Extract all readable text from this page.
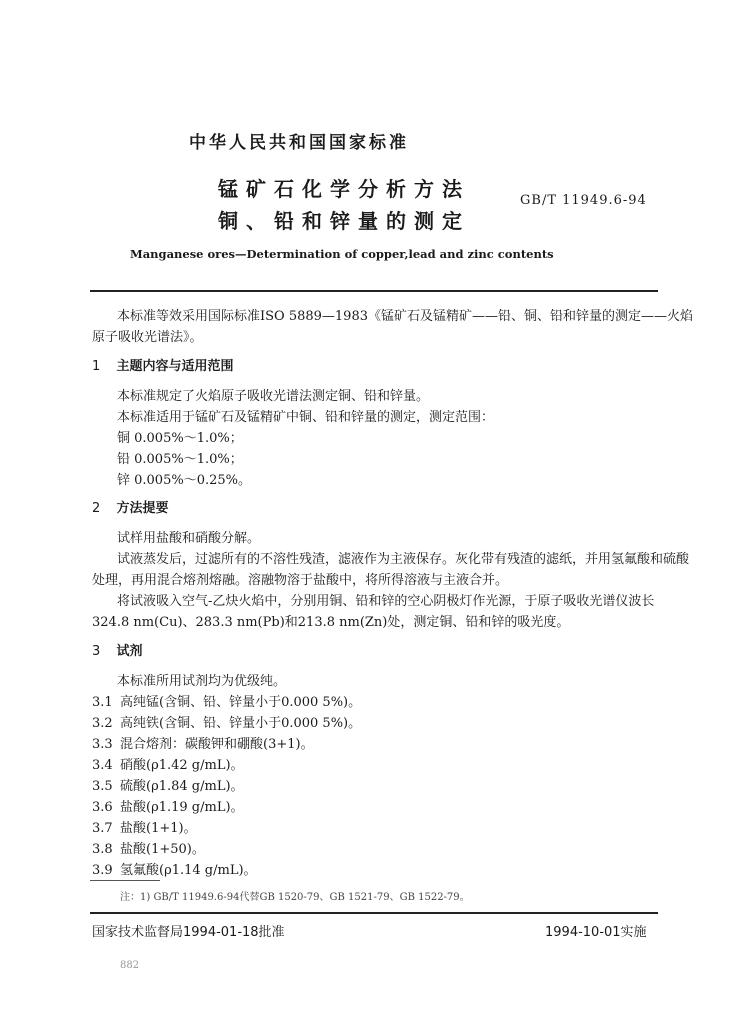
中华人民共和国国家标准
锰矿石化学分析方法
铜、铅和锌量的测定
GB/T 11949.6-94
Manganese ores—Determination of copper,lead and zinc contents
本标准等效采用国际标准ISO 5889—1983《锰矿石及锰精矿——铅、铜、铅和锌量的测定——火焰
原子吸收光谱法》。
1 主题内容与适用范围
本标准规定了火焰原子吸收光谱法测定铜、铅和锌量。
本标准适用于锰矿石及锰精矿中铜、铅和锌量的测定，测定范围：
铜 0.005%～1.0%；
铅 0.005%～1.0%；
锌 0.005%～0.25%。
2 方法提要
试样用盐酸和硝酸分解。
试液蒸发后，过滤所有的不溶性残渣，滤液作为主液保存。灰化带有残渣的滤纸，并用氢氟酸和硫酸
处理，再用混合熔剂熔融。溶融物溶于盐酸中，将所得溶液与主液合并。
将试液吸入空气-乙炔火焰中，分别用铜、铅和锌的空心阴极灯作光源，于原子吸收光谱仪波长
324.8 nm(Cu)、283.3 nm(Pb)和213.8 nm(Zn)处，测定铜、铅和锌的吸光度。
3 试剂
本标准所用试剂均为优级纯。
3.1 高纯锰(含铜、铅、锌量小于0.000 5%)。
3.2 高纯铁(含铜、铅、锌量小于0.000 5%)。
3.3 混合熔剂：碳酸钾和硼酸(3+1)。
3.4 硝酸(ρ1.42 g/mL)。
3.5 硫酸(ρ1.84 g/mL)。
3.6 盐酸(ρ1.19 g/mL)。
3.7 盐酸(1+1)。
3.8 盐酸(1+50)。
注：1) GB/T 11949.6-94代替GB 1520-79、GB 1521-79、GB 1522-79。
国家技术监督局1994-01-18批准	1994-10-01实施
882
3.9 氢氟酸(ρ1.14 g/mL)。
